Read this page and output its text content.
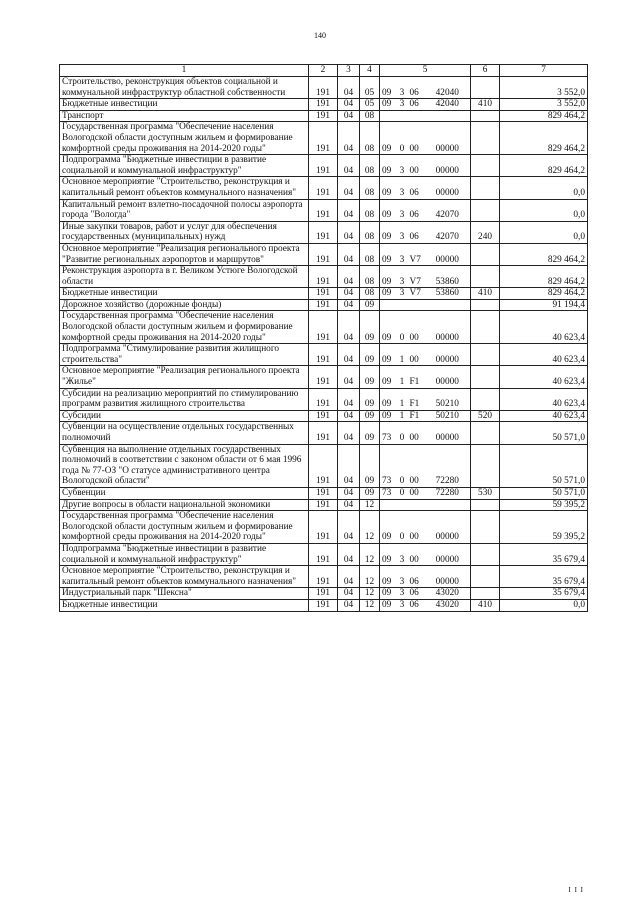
140
1	2	3	4	5				6	7
Строительство, реконструкция объектов социальной и коммунальной инфраструктур областной собственности	191	04	05	09	3	06	42040		3 552,0
Бюджетные инвестиции	191	04	05	09	3	06	42040	410	3 552,0
Транспорт	191	04	08						829 464,2
Государственная программа "Обеспечение населения Вологодской области доступным жильем и формирование комфортной среды проживания на 2014-2020 годы"	191	04	08	09	0	00	00000		829 464,2
Подпрограмма "Бюджетные инвестиции в развитие социальной и коммунальной инфраструктур"	191	04	08	09	3	00	00000		829 464,2
Основное мероприятие "Строительство, реконструкция и капитальный ремонт объектов коммунального назначения"	191	04	08	09	3	06	00000		0,0
Капитальный ремонт взлетно-посадочной полосы аэропорта города "Вологда"	191	04	08	09	3	06	42070		0,0
Иные закупки товаров, работ и услуг для обеспечения государственных (муниципальных) нужд	191	04	08	09	3	06	42070	240	0,0
Основное мероприятие "Реализация регионального проекта "Развитие региональных аэропортов и маршрутов"	191	04	08	09	3	V7	00000		829 464,2
Реконструкция аэропорта в г. Великом Устюге Вологодской области	191	04	08	09	3	V7	53860		829 464,2
Бюджетные инвестиции	191	04	08	09	3	V7	53860	410	829 464,2
Дорожное хозяйство (дорожные фонды)	191	04	09						91 194,4
Государственная программа "Обеспечение населения Вологодской области доступным жильем и формирование комфортной среды проживания на 2014-2020 годы"	191	04	09	09	0	00	00000		40 623,4
Подпрограмма "Стимулирование развития жилищного строительства"	191	04	09	09	1	00	00000		40 623,4
Основное мероприятие "Реализация регионального проекта "Жилье"	191	04	09	09	1	F1	00000		40 623,4
Субсидии на реализацию мероприятий по стимулированию программ развития жилищного строительства	191	04	09	09	1	F1	50210		40 623,4
Субсидии	191	04	09	09	1	F1	50210	520	40 623,4
Субвенции на осуществление отдельных государственных полномочий	191	04	09	73	0	00	00000		50 571,0
Субвенция на выполнение отдельных государственных полномочий в соответствии с законом области от 6 мая 1996 года № 77-ОЗ "О статусе административного центра Вологодской области"	191	04	09	73	0	00	72280		50 571,0
Субвенции	191	04	09	73	0	00	72280	530	50 571,0
Другие вопросы в области национальной экономики	191	04	12						59 395,2
Государственная программа "Обеспечение населения Вологодской области доступным жильем и формирование комфортной среды проживания на 2014-2020 годы"	191	04	12	09	0	00	00000		59 395,2
Подпрограмма "Бюджетные инвестиции в развитие социальной и коммунальной инфраструктур"	191	04	12	09	3	00	00000		35 679,4
Основное мероприятие "Строительство, реконструкция и капитальный ремонт объектов коммунального назначения"	191	04	12	09	3	06	00000		35 679,4
Индустриальный парк "Шексна"	191	04	12	09	3	06	43020		35 679,4
Бюджетные инвестиции	191	04	12	09	3	06	43020	410	0,0
I I I
